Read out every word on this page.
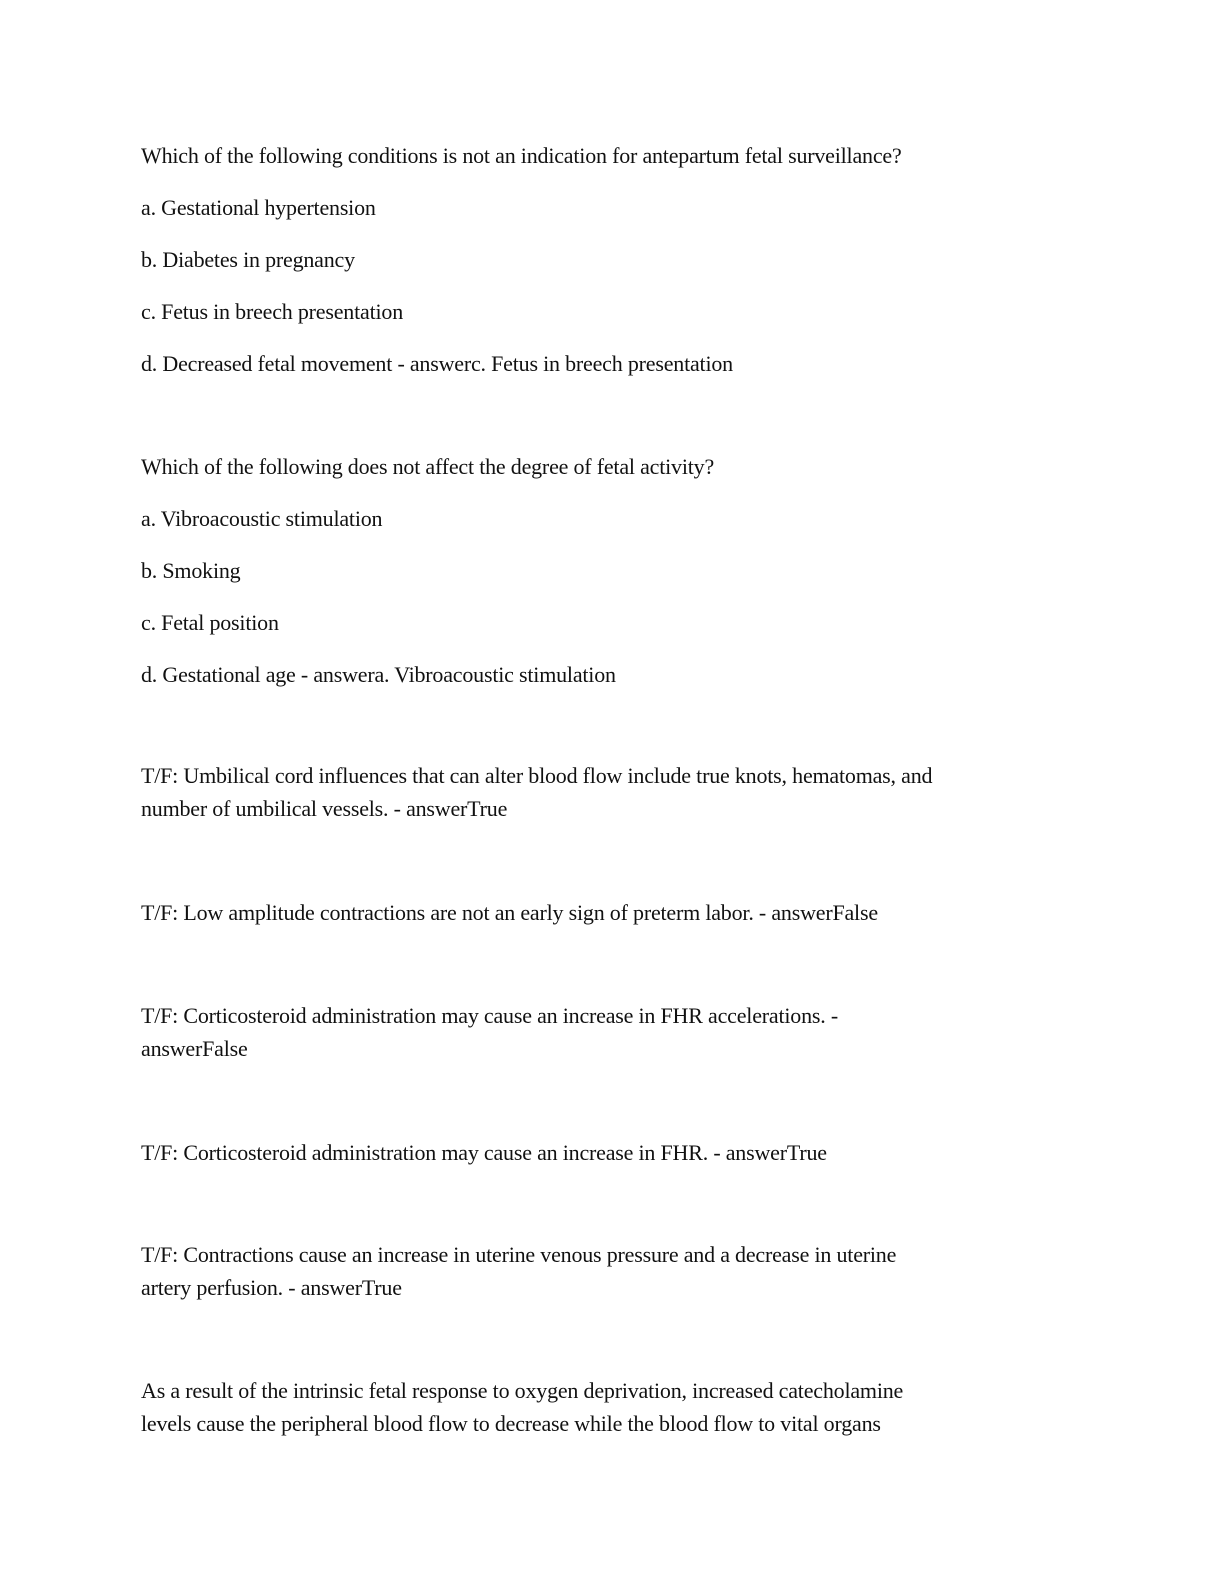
Which of the following conditions is not an indication for antepartum fetal surveillance?

a. Gestational hypertension

b. Diabetes in pregnancy

c. Fetus in breech presentation

d. Decreased fetal movement - answerc. Fetus in breech presentation

Which of the following does not affect the degree of fetal activity?

a. Vibroacoustic stimulation

b. Smoking

c. Fetal position

d. Gestational age - answera. Vibroacoustic stimulation

T/F: Umbilical cord influences that can alter blood flow include true knots, hematomas, and

number of umbilical vessels. - answerTrue

T/F: Low amplitude contractions are not an early sign of preterm labor. - answerFalse

T/F: Corticosteroid administration may cause an increase in FHR accelerations. -

answerFalse

T/F: Corticosteroid administration may cause an increase in FHR. - answerTrue

T/F: Contractions cause an increase in uterine venous pressure and a decrease in uterine

artery perfusion. - answerTrue

As a result of the intrinsic fetal response to oxygen deprivation, increased catecholamine

levels cause the peripheral blood flow to decrease while the blood flow to vital organs
